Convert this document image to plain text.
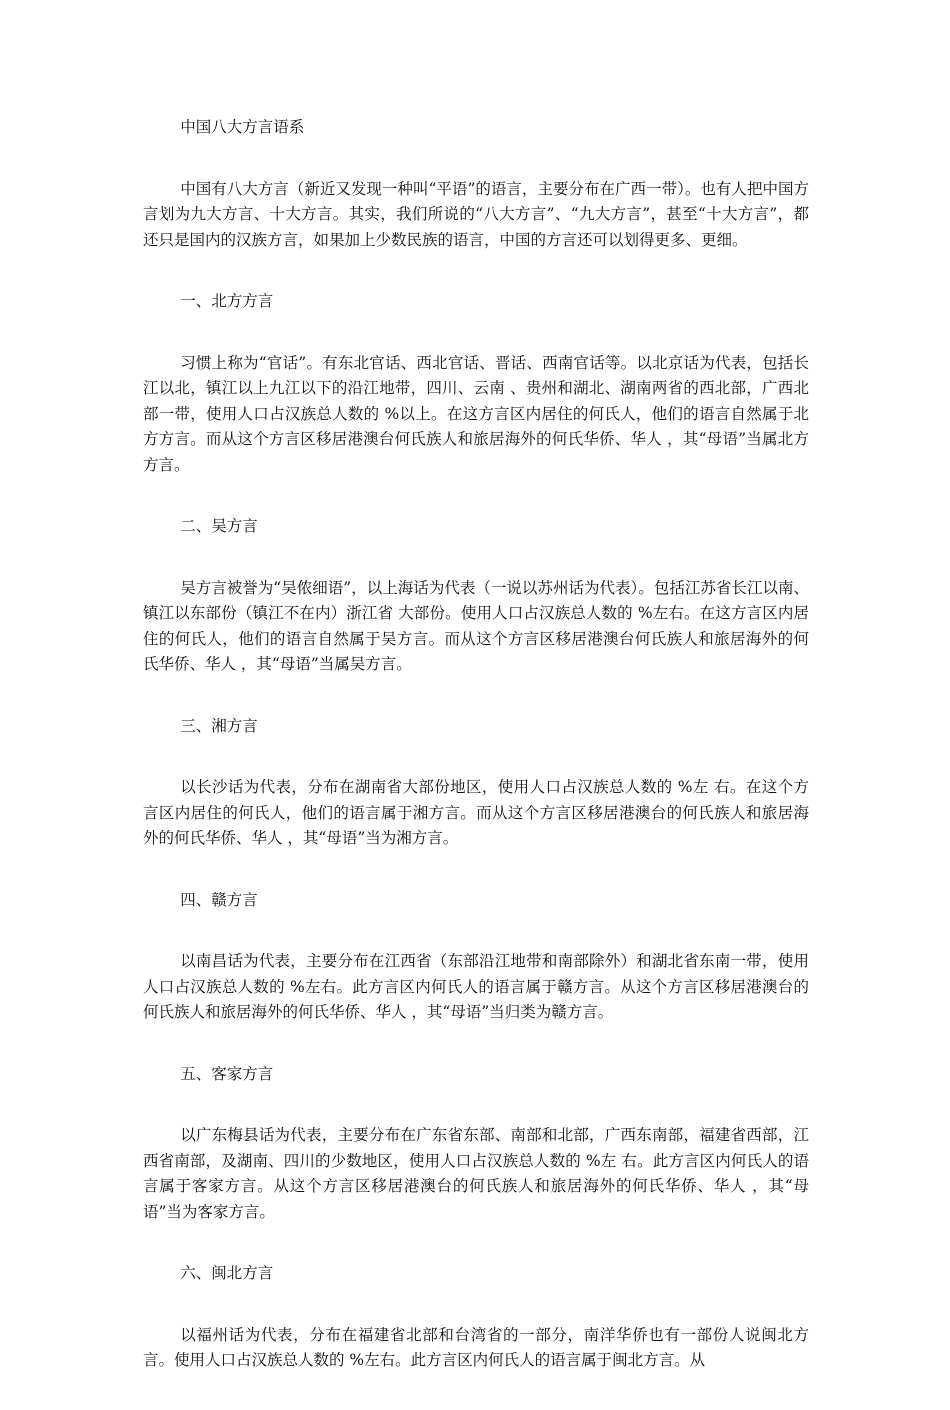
中国八大方言语系

中国有八大方言（新近又发现一种叫“平语”的语言，主要分布在广西一带）。也有人把中国方言划为九大方言、十大方言。其实，我们所说的“八大方言”、“九大方言”，甚至“十大方言”，都还只是国内的汉族方言，如果加上少数民族的语言，中国的方言还可以划得更多、更细。

一、北方方言

习惯上称为“官话”。有东北官话、西北官话、晋话、西南官话等。以北京话为代表，包括长江以北，镇江以上九江以下的沿江地带，四川、云南 、贵州和湖北、湖南两省的西北部，广西北部一带，使用人口占汉族总人数的 %以上。在这方言区内居住的何氏人，他们的语言自然属于北方方言。而从这个方言区移居港澳台何氏族人和旅居海外的何氏华侨、华人 ，其“母语”当属北方方言。

二、吴方言

吴方言被誉为“吴侬细语”，以上海话为代表（一说以苏州话为代表）。包括江苏省长江以南、镇江以东部份（镇江不在内）浙江省 大部份。使用人口占汉族总人数的 %左右。在这方言区内居住的何氏人，他们的语言自然属于吴方言。而从这个方言区移居港澳台何氏族人和旅居海外的何氏华侨、华人 ，其“母语”当属吴方言。

三、湘方言

以长沙话为代表，分布在湖南省大部份地区，使用人口占汉族总人数的 %左 右。在这个方言区内居住的何氏人，他们的语言属于湘方言。而从这个方言区移居港澳台的何氏族人和旅居海外的何氏华侨、华人 ，其“母语”当为湘方言。

四、赣方言

以南昌话为代表，主要分布在江西省（东部沿江地带和南部除外）和湖北省东南一带，使用人口占汉族总人数的 %左右。此方言区内何氏人的语言属于赣方言。从这个方言区移居港澳台的何氏族人和旅居海外的何氏华侨、华人 ，其“母语”当归类为赣方言。

五、客家方言

以广东梅县话为代表，主要分布在广东省东部、南部和北部，广西东南部，福建省西部，江西省南部，及湖南、四川的少数地区，使用人口占汉族总人数的 %左 右。此方言区内何氏人的语言属于客家方言。从这个方言区移居港澳台的何氏族人和旅居海外的何氏华侨、华人 ，其“母语”当为客家方言。

六、闽北方言

以福州话为代表，分布在福建省北部和台湾省的一部分，南洋华侨也有一部份人说闽北方言。使用人口占汉族总人数的 %左右。此方言区内何氏人的语言属于闽北方言。从
